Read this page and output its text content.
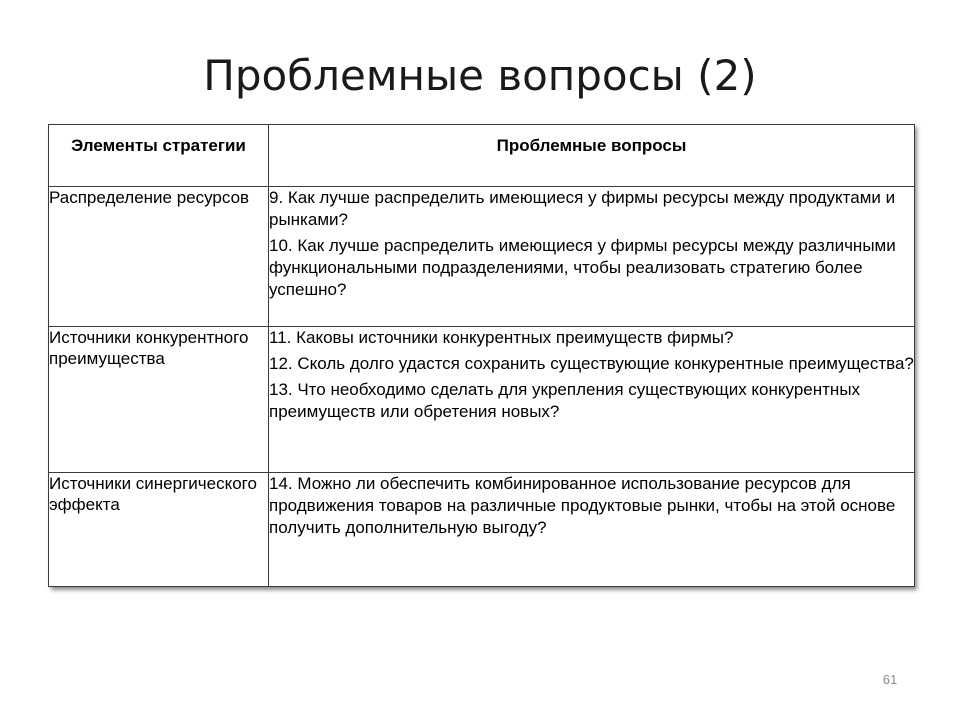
Проблемные вопросы (2)
Элементы стратегии	Проблемные вопросы
Распределение ресурсов	9. Как лучше распределить имеющиеся у фирмы ресурсы между продуктами и рынками?

10. Как лучше распределить имеющиеся у фирмы ресурсы между различными функциональными подразделениями, чтобы реализовать стратегию более успешно?

Источники конкурентного преимущества	11. Каковы источники конкурентных преимуществ фирмы?

12. Сколь долго удастся сохранить существующие конкурентные преимущества?

13. Что необходимо сделать для укрепления существующих конкурентных преимуществ или обретения новых?

Источники синергического эффекта	14. Можно ли обеспечить комбинированное использование ресурсов для продвижения товаров на различные продуктовые рынки, чтобы на этой основе получить дополнительную выгоду?

61
